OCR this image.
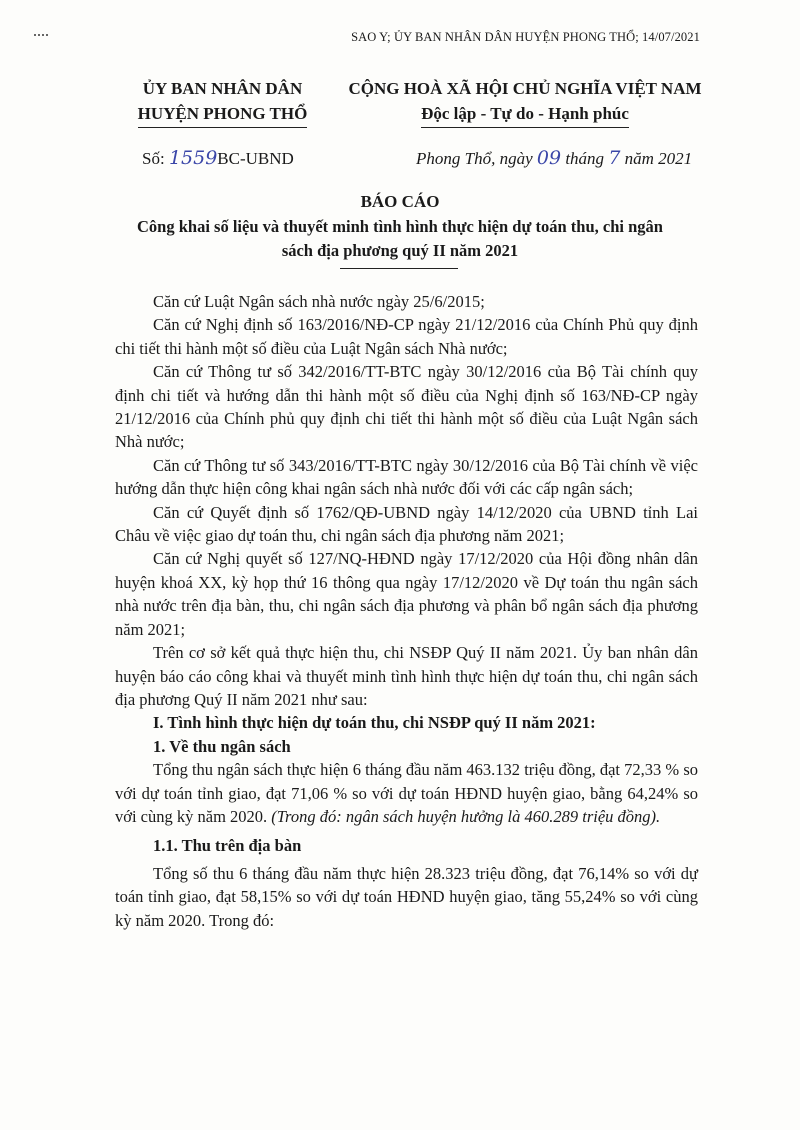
SAO Y; ỦY BAN NHÂN DÂN HUYỆN PHONG THỔ; 14/07/2021
ỦY BAN NHÂN DÂN
HUYỆN PHONG THỔ
CỘNG HOÀ XÃ HỘI CHỦ NGHĨA VIỆT NAM
Độc lập - Tự do - Hạnh phúc
Số: 1559BC-UBND	Phong Thổ, ngày 09 tháng 7 năm 2021
BÁO CÁO
Công khai số liệu và thuyết minh tình hình thực hiện dự toán thu, chi ngân sách địa phương quý II năm 2021

Căn cứ Luật Ngân sách nhà nước ngày 25/6/2015;

Căn cứ Nghị định số 163/2016/NĐ-CP ngày 21/12/2016 của Chính Phủ quy định chi tiết thi hành một số điều của Luật Ngân sách Nhà nước;

Căn cứ Thông tư số 342/2016/TT-BTC ngày 30/12/2016 của Bộ Tài chính quy định chi tiết và hướng dẫn thi hành một số điều của Nghị định số 163/NĐ-CP ngày 21/12/2016 của Chính phủ quy định chi tiết thi hành một số điều của Luật Ngân sách Nhà nước;

Căn cứ Thông tư số 343/2016/TT-BTC ngày 30/12/2016 của Bộ Tài chính về việc hướng dẫn thực hiện công khai ngân sách nhà nước đối với các cấp ngân sách;

Căn cứ Quyết định số 1762/QĐ-UBND ngày 14/12/2020 của UBND tỉnh Lai Châu về việc giao dự toán thu, chi ngân sách địa phương năm 2021;

Căn cứ Nghị quyết số 127/NQ-HĐND ngày 17/12/2020 của Hội đồng nhân dân huyện khoá XX, kỳ họp thứ 16 thông qua ngày 17/12/2020 về Dự toán thu ngân sách nhà nước trên địa bàn, thu, chi ngân sách địa phương và phân bổ ngân sách địa phương năm 2021;

Trên cơ sở kết quả thực hiện thu, chi NSĐP Quý II năm 2021. Ủy ban nhân dân huyện báo cáo công khai và thuyết minh tình hình thực hiện dự toán thu, chi ngân sách địa phương Quý II năm 2021 như sau:

I. Tình hình thực hiện dự toán thu, chi NSĐP quý II năm 2021:
1. Về thu ngân sách

Tổng thu ngân sách thực hiện 6 tháng đầu năm 463.132 triệu đồng, đạt 72,33 % so với dự toán tỉnh giao, đạt 71,06 % so với dự toán HĐND huyện giao, bằng 64,24% so với cùng kỳ năm 2020. (Trong đó: ngân sách huyện hưởng là 460.289 triệu đồng).

1.1. Thu trên địa bàn

Tổng số thu 6 tháng đầu năm thực hiện 28.323 triệu đồng, đạt 76,14% so với dự toán tỉnh giao, đạt 58,15% so với dự toán HĐND huyện giao, tăng 55,24% so với cùng kỳ năm 2020. Trong đó:
